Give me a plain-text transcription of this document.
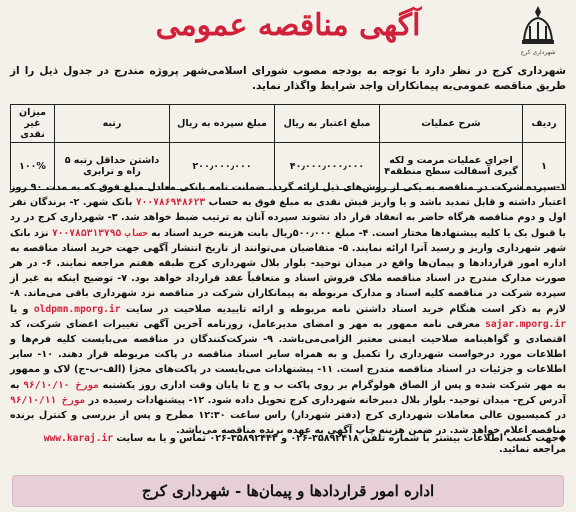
شهرداری کرج
آگهی مناقصه عمومی
شهرداری کرج در نظر دارد با توجه به بودجه مصوب شورای اسلامی‌شهر پروژه مندرج در جدول ذیل را از طریق مناقصه عمومی‌به پیمانکاران واجد شرایط واگذار نماید.
ردیف	شرح عملیات	مبلغ اعتبار به ریال	مبلغ سپرده به ریال	رتبه	میزان غیر نقدی
۱	اجرای عملیات مرمت و لکه گیری آسفالت سطح منطقه۴	۴۰٫۰۰۰٫۰۰۰٫۰۰۰	۲۰۰٫۰۰۰٫۰۰۰	داشتن حداقل رتبه ۵ راه و ترابری	۱۰۰%
۱-سپرده شرکت در مناقصه به یکی از روش‌های ذیل ارائه گردد. ضمانت نامه بانکی معادل مبلغ فوق که به مدت ۹۰ روز اعتبار داشته و قابل تمدید باشد و یا واریز فیش نقدی به مبلغ فوق به حساب ۷۰۰۷۸۶۹۴۸۶۲۳ بانک شهر. ۲- برندگان نفر اول و دوم مناقصه هرگاه حاضر به انعقاد قرار داد نشوند سپرده آنان به ترتیب ضبط خواهد شد. ۳- شهرداری کرج در رد یا قبول یک یا کلیه پیشنهادها مختار است. ۴- مبلغ ۵۰۰٫۰۰۰ریال بابت هزینه خرید اسناد به حساب ۷۰۰۷۸۵۳۱۳۷۹۵ نزد بانک شهر شهرداری واریز و رسید آنرا ارائه نمایند. ۵- متقاضیان می‌توانند از تاریخ انتشار آگهی جهت خرید اسناد مناقصه به اداره امور قراردادها و پیمان‌ها واقع در میدان توحید- بلوار بلال شهرداری کرج طبقه هفتم مراجعه نمایند. ۶- در هر صورت مدارک مندرج در اسناد مناقصه ملاک فروش اسناد و متعاقباً عقد قرارداد خواهد بود. ۷- توضیح اینکه به غیر از سپرده شرکت در مناقصه کلیه اسناد و مدارک مربوطه به پیمانکاران شرکت در مناقصه نزد شهرداری باقی می‌ماند. ۸- لازم به ذکر است هنگام خرید اسناد داشتن نامه مربوطه و ارائه تاییدیه صلاحیت در سایت oldpmn.mporg.ir و یا sajar.mporg.ir معرفی نامه ممهور به مهر و امضای مدیرعامل، روزنامه آخرین آگهی تغییرات اعضای شرکت، کد اقتصادی و گواهینامه صلاحیت ایمنی معتبر الزامی‌می‌باشد. ۹- شرکت‌کنندگان در مناقصه می‌بایست کلیه فرم‌ها و اطلاعات مورد درخواست شهرداری را تکمیل و به همراه سایر اسناد مناقصه در پاکت مربوطه قرار دهند. ۱۰- سایر اطلاعات و جزئیات در اسناد مناقصه مندرج است. ۱۱- پیشنهادات می‌بایست در پاکت‌های مجزا (الف-ب-ج) لاک و ممهور به مهر شرکت شده و پس از الصاق هولوگرام بر روی پاکت ب و ج تا پایان وقت اداری روز یکشنبه مورخ ۹۶/۱۰/۱۰ به آدرس کرج- میدان توحید- بلوار بلال دبیرخانه شهرداری کرج تحویل داده شود. ۱۲- پیشنهادات رسیده در مورخ ۹۶/۱۰/۱۱ در کمیسیون عالی معاملات شهرداری کرج (دفتر شهردار) راس ساعت ۱۲:۳۰ مطرح و پس از بررسی و کنترل برنده مناقصه اعلام خواهد شد. در ضمن هزینه چاپ آگهی به عهده برنده مناقصه می‌باشد.
◆جهت کسب اطلاعات بیشتر با شماره تلفن ۳۵۸۹۲۴۱۸-۰۲۶ و ۳۵۸۹۲۴۴۳-۰۲۶ تماس و یا به سایت www.karaj.ir مراجعه نمائید.
اداره امور قراردادها و پیمان‌ها - شهرداری کرج
